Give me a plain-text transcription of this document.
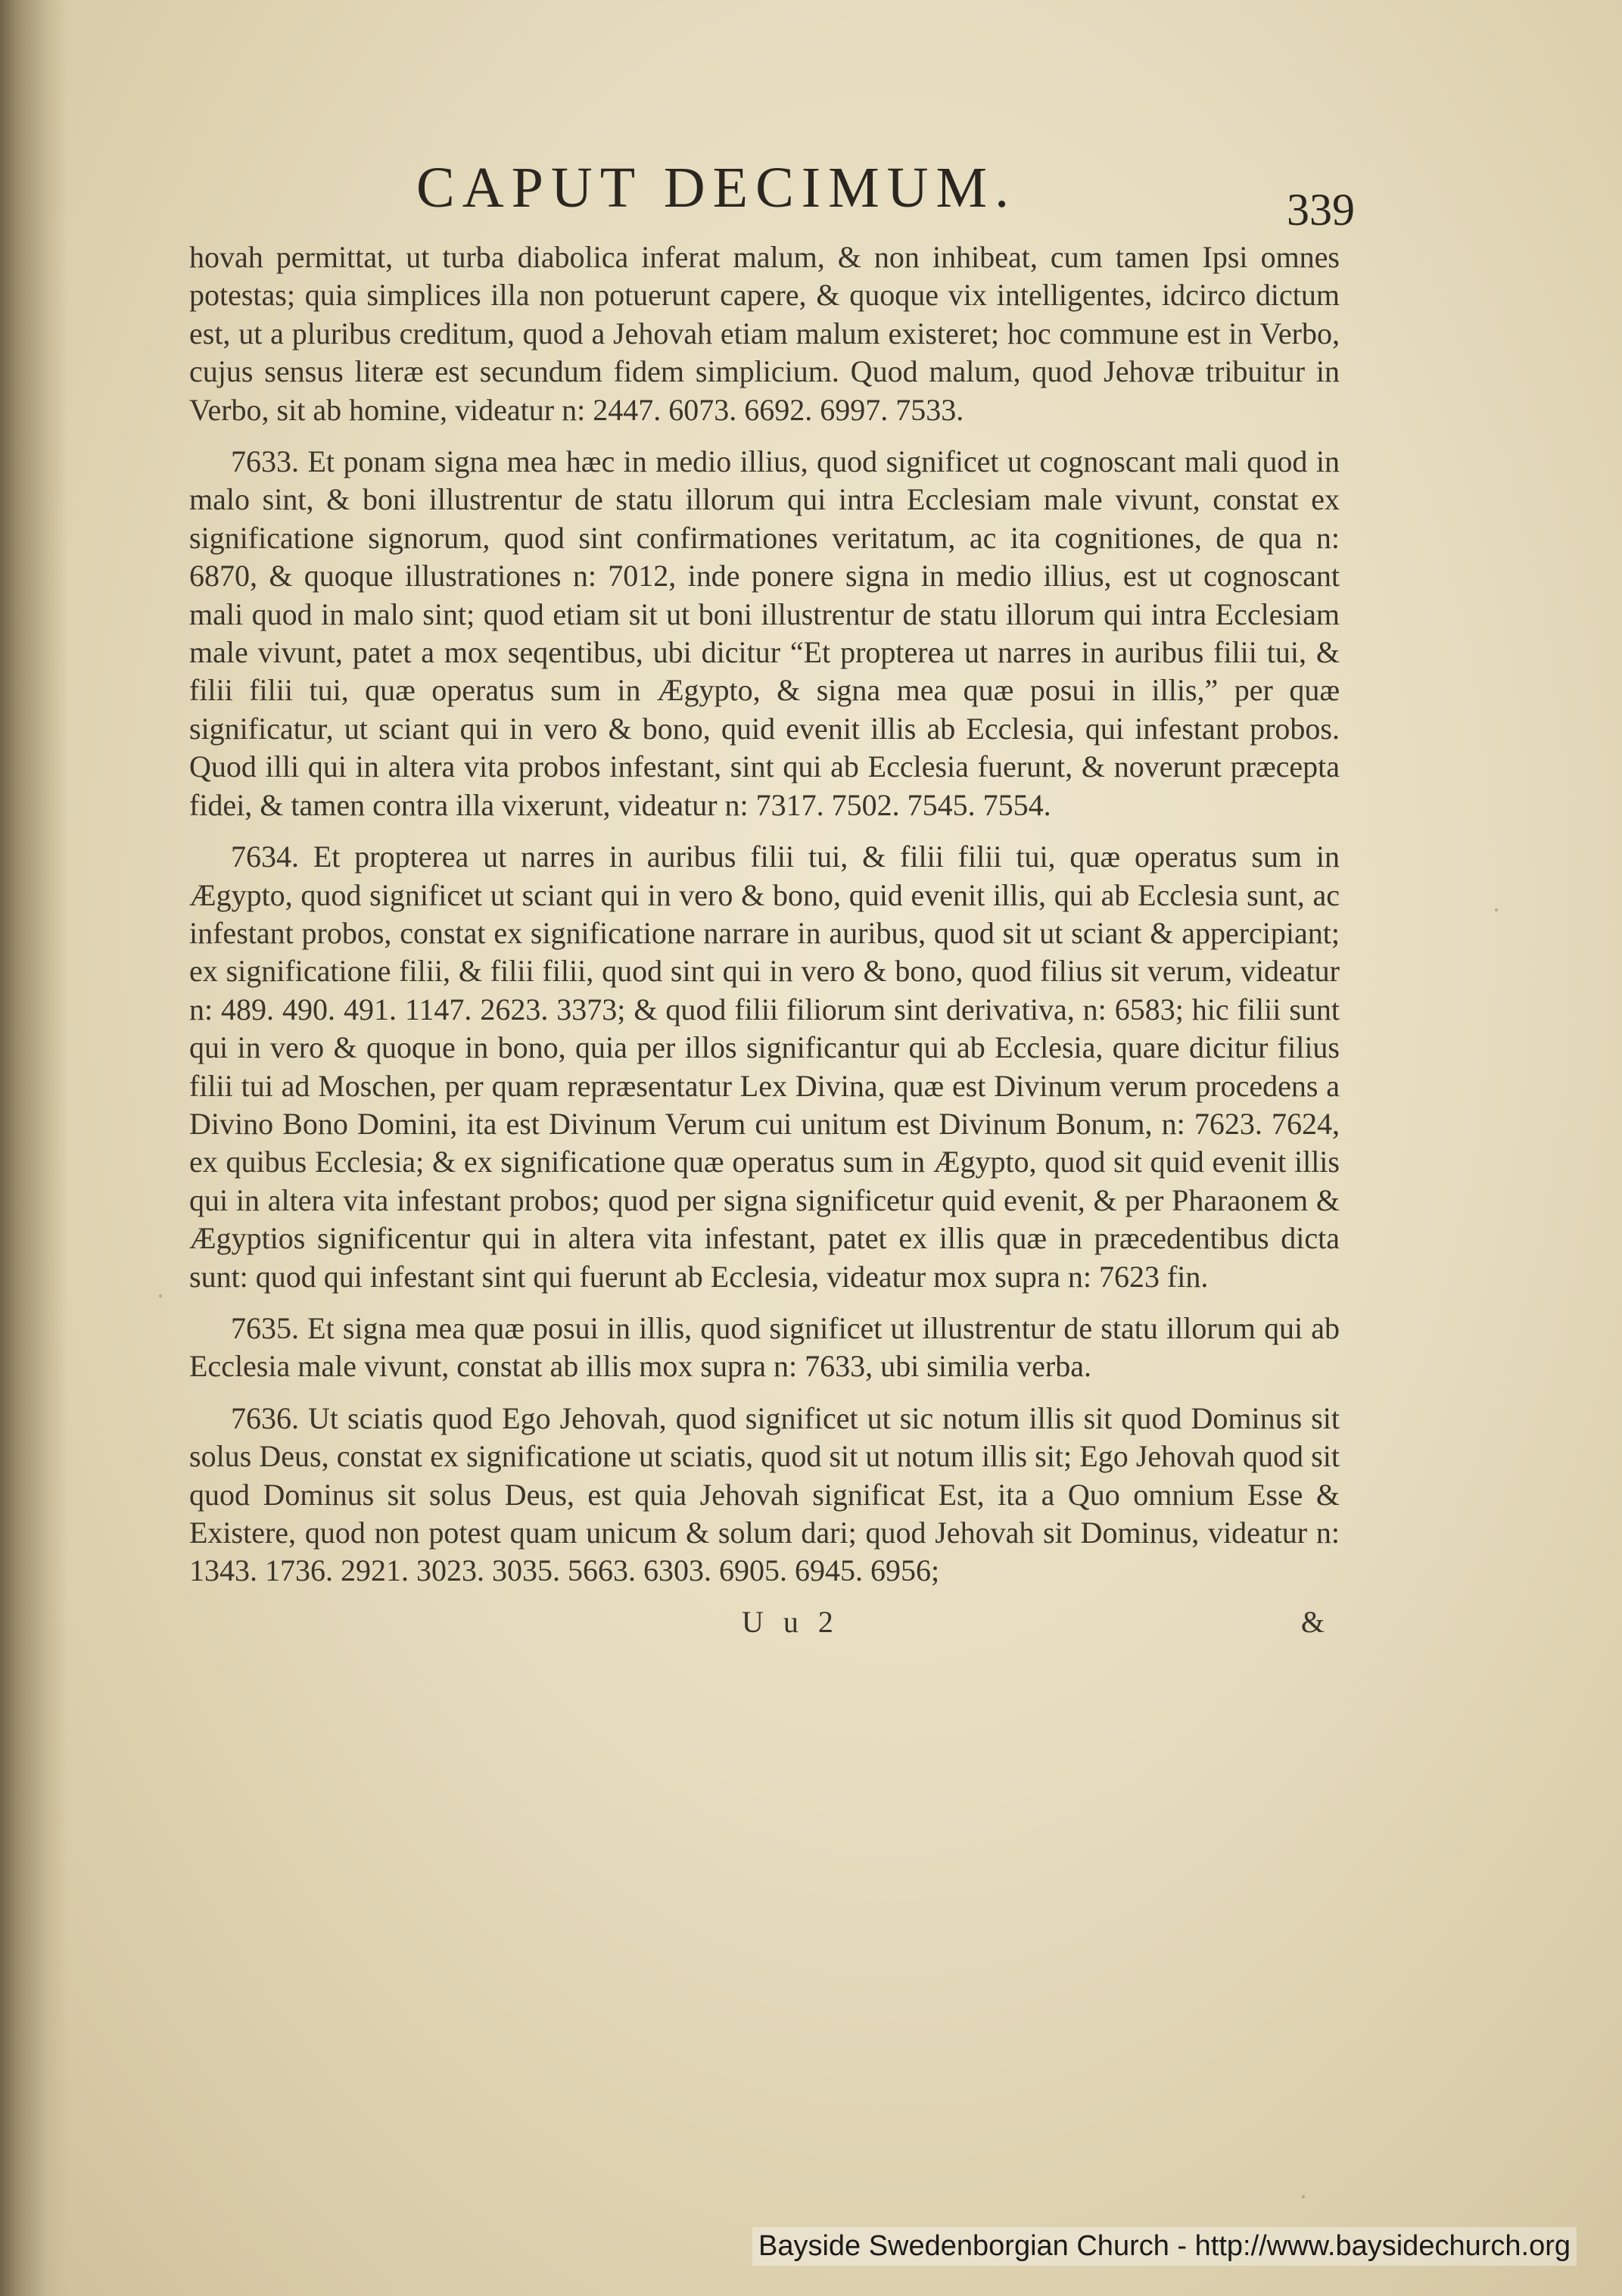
CAPUT DECIMUM.	339

hovah permittat, ut turba diabolica inferat malum, & non inhibeat, cum tamen Ipsi omnes potestas; quia simplices illa non potuerunt capere, & quoque vix intelligentes, idcirco dictum est, ut a pluribus creditum, quod a Jehovah etiam malum existeret; hoc commune est in Verbo, cujus sensus literæ est secundum fidem simplicium. Quod malum, quod Jehovæ tribuitur in Verbo, sit ab homine, videatur n: 2447. 6073. 6692. 6997. 7533.

7633. Et ponam signa mea hæc in medio illius, quod significet ut cognoscant mali quod in malo sint, & boni illustrentur de statu illorum qui intra Ecclesiam male vivunt, constat ex significatione signorum, quod sint confirmationes veritatum, ac ita cognitiones, de qua n: 6870, & quoque illustrationes n: 7012, inde ponere signa in medio illius, est ut cognoscant mali quod in malo sint; quod etiam sit ut boni illustrentur de statu illorum qui intra Ecclesiam male vivunt, patet a mox seqentibus, ubi dicitur “Et propterea ut narres in auribus filii tui, & filii filii tui, quæ operatus sum in Ægypto, & signa mea quæ posui in illis,” per quæ significatur, ut sciant qui in vero & bono, quid evenit illis ab Ecclesia, qui infestant probos. Quod illi qui in altera vita probos infestant, sint qui ab Ecclesia fuerunt, & noverunt præcepta fidei, & tamen contra illa vixerunt, videatur n: 7317. 7502. 7545. 7554.

7634. Et propterea ut narres in auribus filii tui, & filii filii tui, quæ operatus sum in Ægypto, quod significet ut sciant qui in vero & bono, quid evenit illis, qui ab Ecclesia sunt, ac infestant probos, constat ex significatione narrare in auribus, quod sit ut sciant & appercipiant; ex significatione filii, & filii filii, quod sint qui in vero & bono, quod filius sit verum, videatur n: 489. 490. 491. 1147. 2623. 3373; & quod filii filiorum sint derivativa, n: 6583; hic filii sunt qui in vero & quoque in bono, quia per illos significantur qui ab Ecclesia, quare dicitur filius filii tui ad Moschen, per quam repræsentatur Lex Divina, quæ est Divinum verum procedens a Divino Bono Domini, ita est Divinum Verum cui unitum est Divinum Bonum, n: 7623. 7624, ex quibus Ecclesia; & ex significatione quæ operatus sum in Ægypto, quod sit quid evenit illis qui in altera vita infestant probos; quod per signa significetur quid evenit, & per Pharaonem & Ægyptios significentur qui in altera vita infestant, patet ex illis quæ in præcedentibus dicta sunt: quod qui infestant sint qui fuerunt ab Ecclesia, videatur mox supra n: 7623 fin.

7635. Et signa mea quæ posui in illis, quod significet ut illustrentur de statu illorum qui ab Ecclesia male vivunt, constat ab illis mox supra n: 7633, ubi similia verba.

7636. Ut sciatis quod Ego Jehovah, quod significet ut sic notum illis sit quod Dominus sit solus Deus, constat ex significatione ut sciatis, quod sit ut notum illis sit; Ego Jehovah quod sit quod Dominus sit solus Deus, est quia Jehovah significat Est, ita a Quo omnium Esse & Existere, quod non potest quam unicum & solum dari; quod Jehovah sit Dominus, videatur n: 1343. 1736. 2921. 3023. 3035. 5663. 6303. 6905. 6945. 6956;

U u 2	&
Bayside Swedenborgian Church - http://www.baysidechurch.org
